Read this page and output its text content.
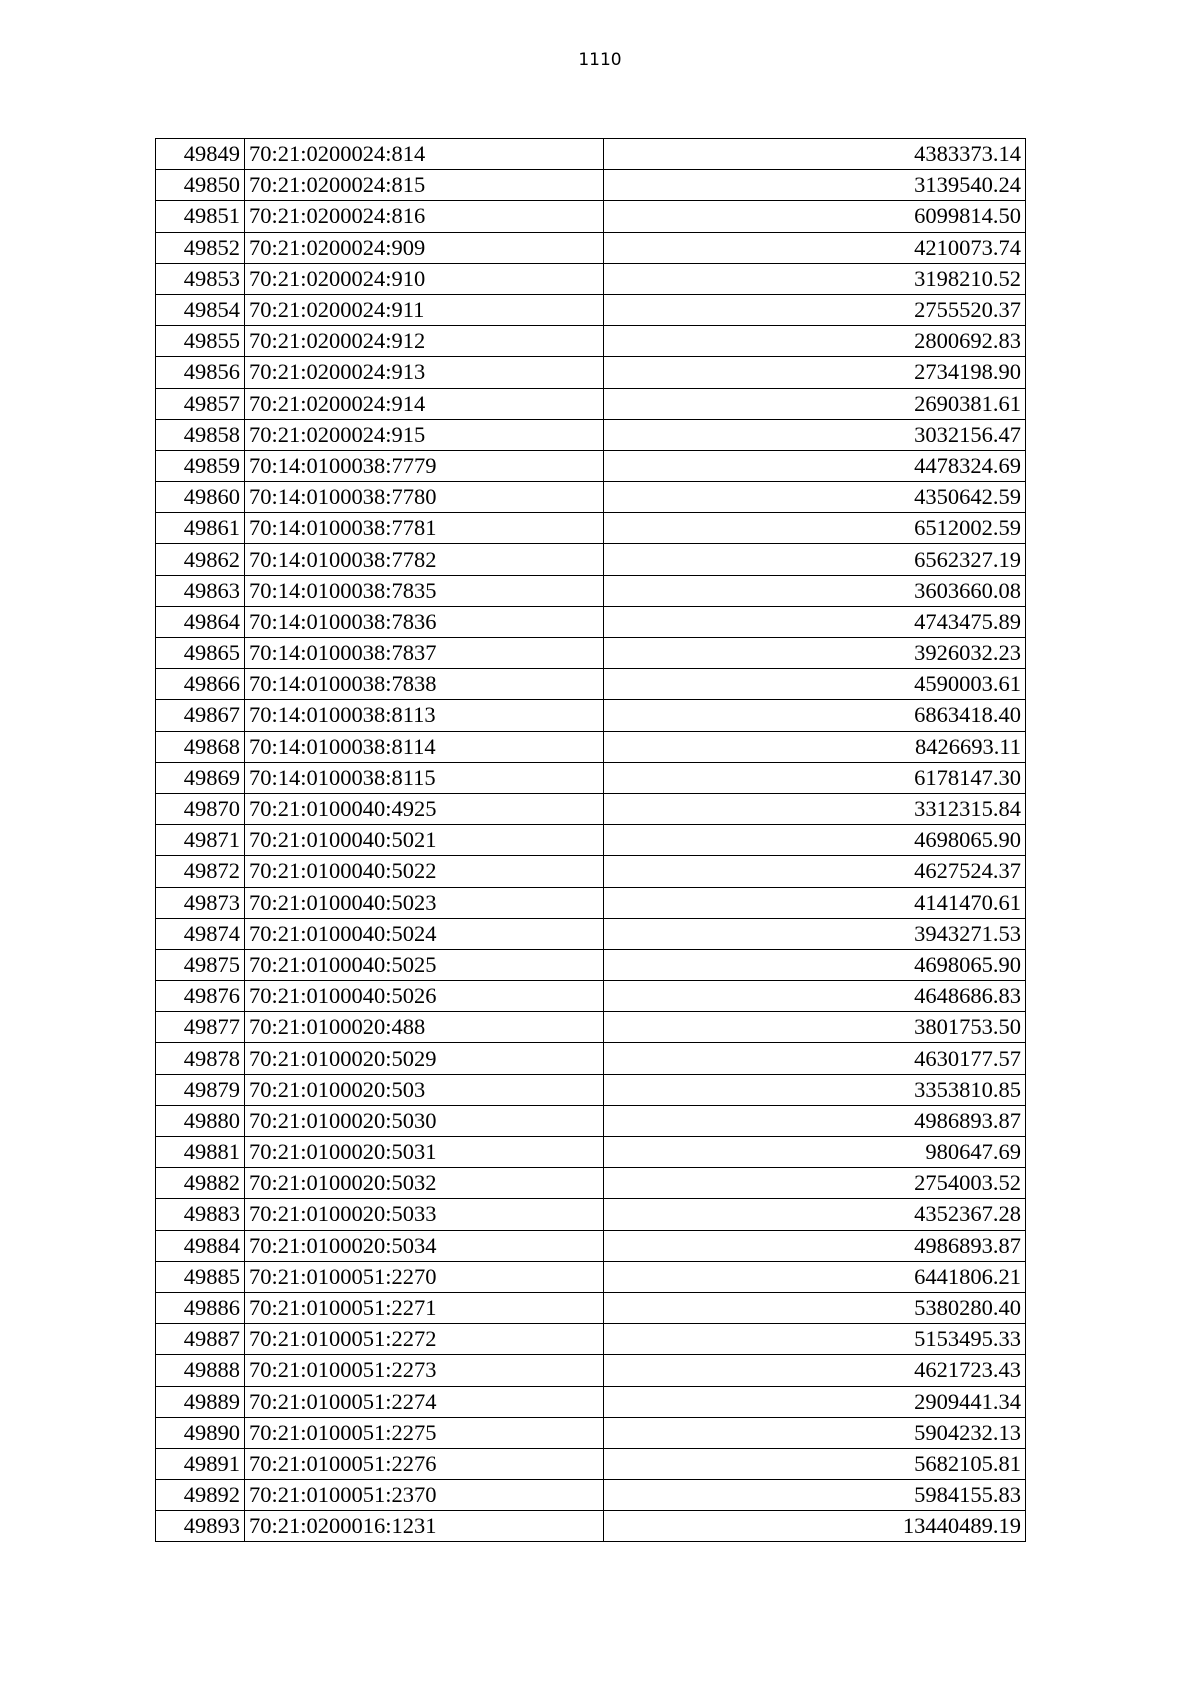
1110
49849	70:21:0200024:814	4383373.14
49850	70:21:0200024:815	3139540.24
49851	70:21:0200024:816	6099814.50
49852	70:21:0200024:909	4210073.74
49853	70:21:0200024:910	3198210.52
49854	70:21:0200024:911	2755520.37
49855	70:21:0200024:912	2800692.83
49856	70:21:0200024:913	2734198.90
49857	70:21:0200024:914	2690381.61
49858	70:21:0200024:915	3032156.47
49859	70:14:0100038:7779	4478324.69
49860	70:14:0100038:7780	4350642.59
49861	70:14:0100038:7781	6512002.59
49862	70:14:0100038:7782	6562327.19
49863	70:14:0100038:7835	3603660.08
49864	70:14:0100038:7836	4743475.89
49865	70:14:0100038:7837	3926032.23
49866	70:14:0100038:7838	4590003.61
49867	70:14:0100038:8113	6863418.40
49868	70:14:0100038:8114	8426693.11
49869	70:14:0100038:8115	6178147.30
49870	70:21:0100040:4925	3312315.84
49871	70:21:0100040:5021	4698065.90
49872	70:21:0100040:5022	4627524.37
49873	70:21:0100040:5023	4141470.61
49874	70:21:0100040:5024	3943271.53
49875	70:21:0100040:5025	4698065.90
49876	70:21:0100040:5026	4648686.83
49877	70:21:0100020:488	3801753.50
49878	70:21:0100020:5029	4630177.57
49879	70:21:0100020:503	3353810.85
49880	70:21:0100020:5030	4986893.87
49881	70:21:0100020:5031	980647.69
49882	70:21:0100020:5032	2754003.52
49883	70:21:0100020:5033	4352367.28
49884	70:21:0100020:5034	4986893.87
49885	70:21:0100051:2270	6441806.21
49886	70:21:0100051:2271	5380280.40
49887	70:21:0100051:2272	5153495.33
49888	70:21:0100051:2273	4621723.43
49889	70:21:0100051:2274	2909441.34
49890	70:21:0100051:2275	5904232.13
49891	70:21:0100051:2276	5682105.81
49892	70:21:0100051:2370	5984155.83
49893	70:21:0200016:1231	13440489.19
